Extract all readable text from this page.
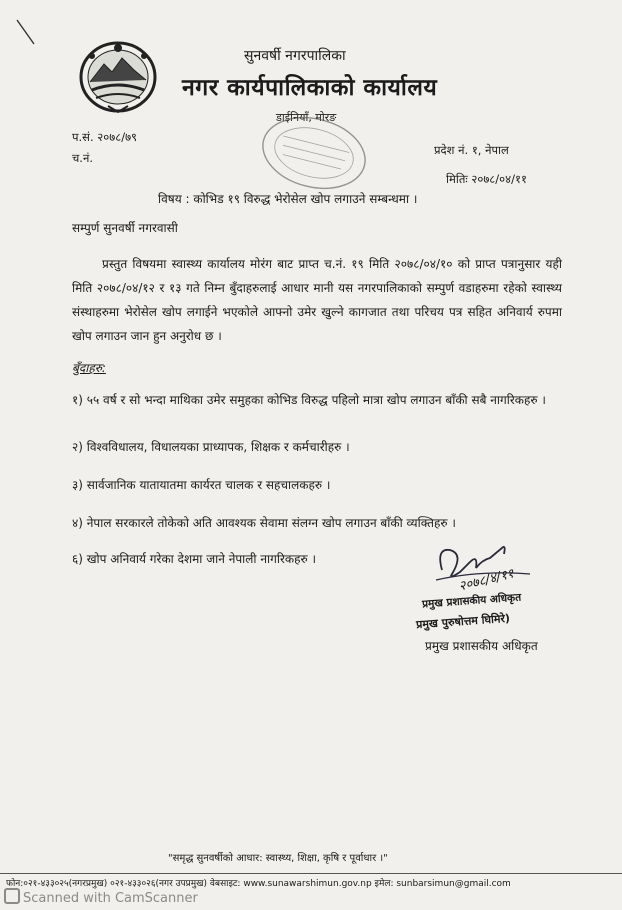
सुनवर्षी नगरपालिका
नगर कार्यपालिकाको कार्यालय
डाईनियाँ, मोरङ
प.सं. २०७८/७९
च.नं.
प्रदेश नं. १, नेपाल
मितिः २०७८/०४/११
विषय : कोभिड १९ विरुद्ध भेरोसेल खोप लगाउने सम्बन्धमा ।
सम्पुर्ण सुनवर्षी नगरवासी
प्रस्तुत विषयमा स्वास्थ्य कार्यालय मोरंग बाट प्राप्त च.नं. १९ मिति २०७८/०४/१० को प्राप्त पत्रानुसार यही मिति २०७८/०४/१२ र १३ गते निम्न बुँदाहरुलाई आधार मानी यस नगरपालिकाको सम्पुर्ण वडाहरुमा रहेको स्वास्थ्य संस्थाहरुमा भेरोसेल खोप लगाईने भएकोले आफ्नो उमेर खुल्ने कागजात तथा परिचय पत्र सहित अनिवार्य रुपमा खोप लगाउन जान हुन अनुरोध छ ।
बुँदाहरु:
१) ५५ वर्ष र सो भन्दा माथिका उमेर समुहका कोभिड विरुद्ध पहिलो मात्रा खोप लगाउन बाँकी सबै नागरिकहरु ।
२) विश्वविधालय, विधालयका प्राध्यापक, शिक्षक र कर्मचारीहरु ।
३) सार्वजानिक यातायातमा कार्यरत चालक र सहचालकहरु ।
४) नेपाल सरकारले तोकेको अति आवश्यक सेवामा संलग्न खोप लगाउन बाँकी व्यक्तिहरु ।
६) खोप अनिवार्य गरेका देशमा जाने नेपाली नागरिकहरु ।
२०७८/४/११
प्रमुख प्रशासकीय अधिकृत
प्रमुख पुरुषोत्तम घिमिरे)
प्रमुख प्रशासकीय अधिकृत
"समृद्ध सुनवर्षीको आधार: स्वास्थ्य, शिक्षा, कृषि र पूर्वाधार ।"
फोन:०२१-४३३०२५(नगरप्रमुख) ०२१-४३३०२६(नगर उपप्रमुख) वेबसाइट: www.sunawarshimun.gov.np इमेल: sunbarsimun@gmail.com
Scanned with CamScanner
